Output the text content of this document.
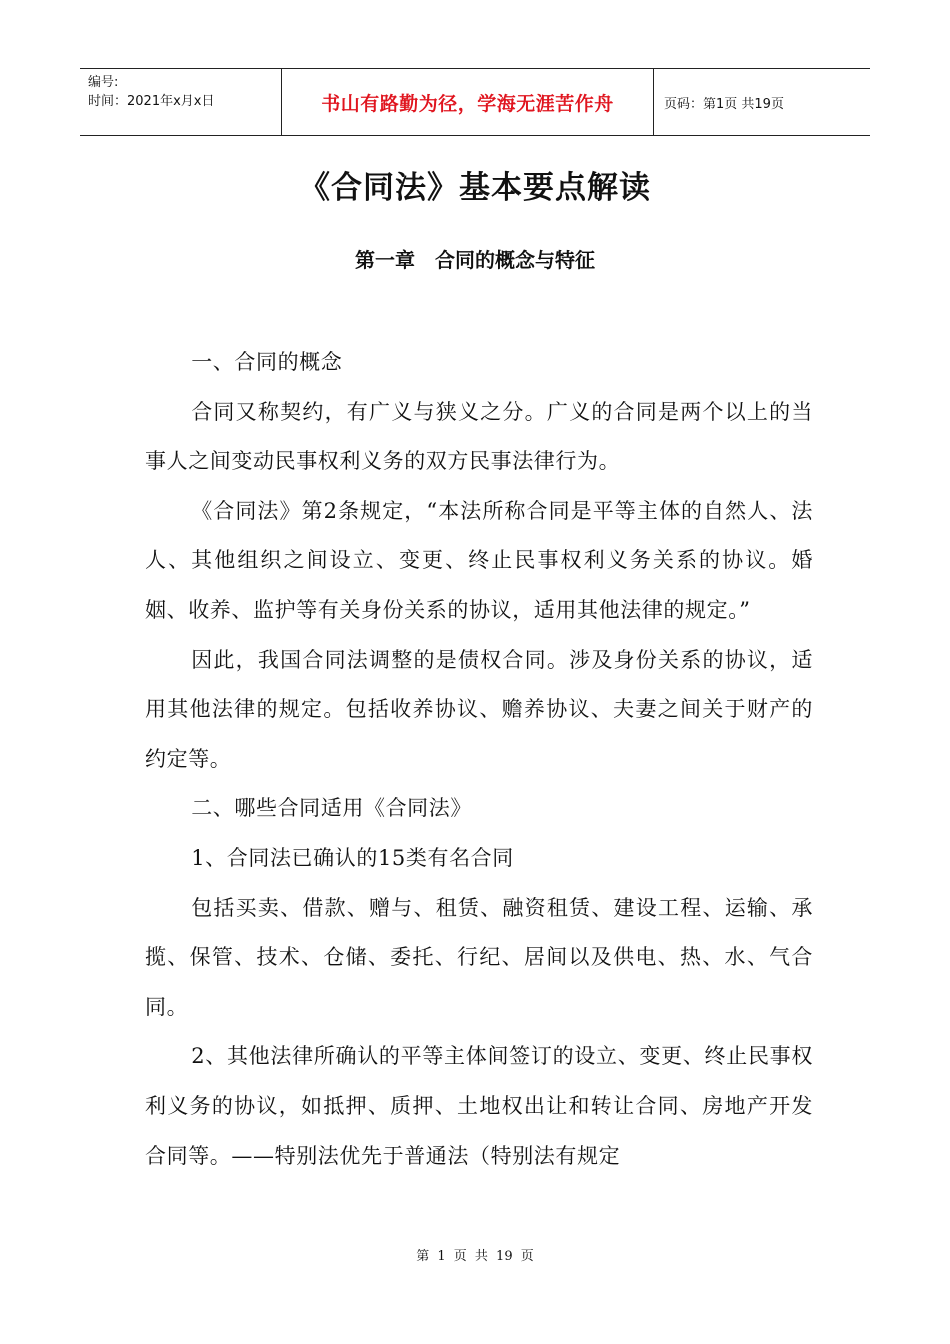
编号:
时间：2021年x月x日	书山有路勤为径，学海无涯苦作舟	页码：第1页 共19页
《合同法》基本要点解读
第一章　合同的概念与特征

一、合同的概念

合同又称契约，有广义与狭义之分。广义的合同是两个以上的当事人之间变动民事权利义务的双方民事法律行为。

《合同法》第2条规定，“本法所称合同是平等主体的自然人、法人、其他组织之间设立、变更、终止民事权利义务关系的协议。婚姻、收养、监护等有关身份关系的协议，适用其他法律的规定。”

因此，我国合同法调整的是债权合同。涉及身份关系的协议，适用其他法律的规定。包括收养协议、赡养协议、夫妻之间关于财产的约定等。

二、哪些合同适用《合同法》

1、合同法已确认的15类有名合同

包括买卖、借款、赠与、租赁、融资租赁、建设工程、运输、承揽、保管、技术、仓储、委托、行纪、居间以及供电、热、水、气合同。

2、其他法律所确认的平等主体间签订的设立、变更、终止民事权利义务的协议，如抵押、质押、土地权出让和转让合同、房地产开发合同等。——特别法优先于普通法（特别法有规定

第 1 页 共 19 页
